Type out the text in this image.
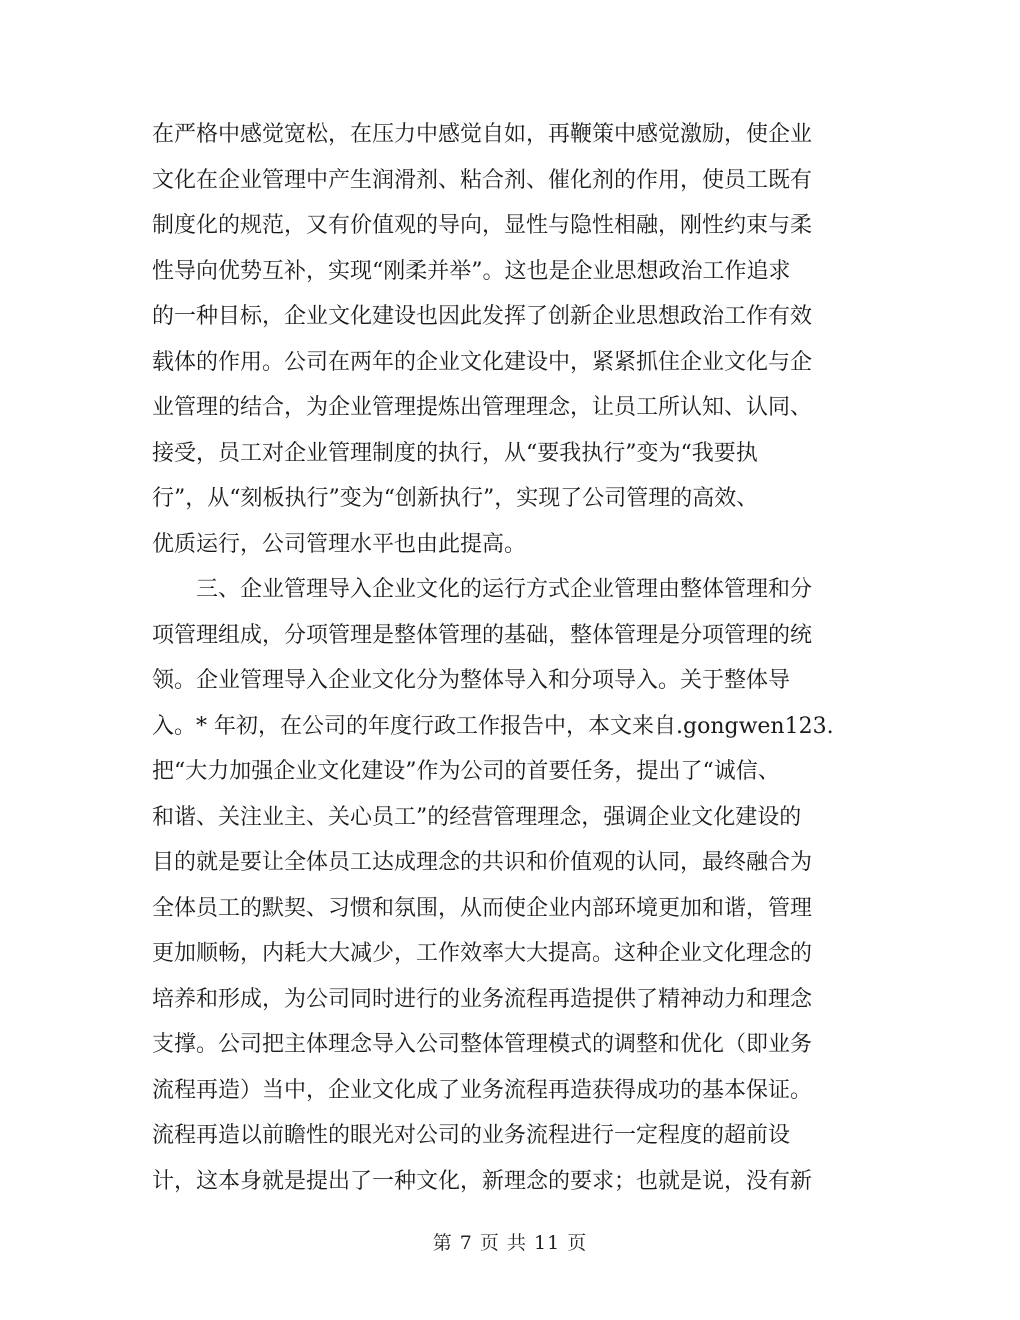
在严格中感觉宽松，在压力中感觉自如，再鞭策中感觉激励，使企业
文化在企业管理中产生润滑剂、粘合剂、催化剂的作用，使员工既有
制度化的规范，又有价值观的导向，显性与隐性相融，刚性约束与柔
性导向优势互补，实现“刚柔并举”。这也是企业思想政治工作追求
的一种目标，企业文化建设也因此发挥了创新企业思想政治工作有效
载体的作用。公司在两年的企业文化建设中，紧紧抓住企业文化与企
业管理的结合，为企业管理提炼出管理理念，让员工所认知、认同、
接受，员工对企业管理制度的执行，从“要我执行”变为“我要执
行”，从“刻板执行”变为“创新执行”，实现了公司管理的高效、
优质运行，公司管理水平也由此提高。
三、企业管理导入企业文化的运行方式企业管理由整体管理和分
项管理组成，分项管理是整体管理的基础，整体管理是分项管理的统
领。企业管理导入企业文化分为整体导入和分项导入。关于整体导
入。* 年初，在公司的年度行政工作报告中，本文来自.gongwen123.
把“大力加强企业文化建设”作为公司的首要任务，提出了“诚信、
和谐、关注业主、关心员工”的经营管理理念，强调企业文化建设的
目的就是要让全体员工达成理念的共识和价值观的认同，最终融合为
全体员工的默契、习惯和氛围，从而使企业内部环境更加和谐，管理
更加顺畅，内耗大大减少，工作效率大大提高。这种企业文化理念的
培养和形成，为公司同时进行的业务流程再造提供了精神动力和理念
支撑。公司把主体理念导入公司整体管理模式的调整和优化（即业务
流程再造）当中，企业文化成了业务流程再造获得成功的基本保证。
流程再造以前瞻性的眼光对公司的业务流程进行一定程度的超前设
计，这本身就是提出了一种文化，新理念的要求；也就是说，没有新
第 7 页 共 11 页
